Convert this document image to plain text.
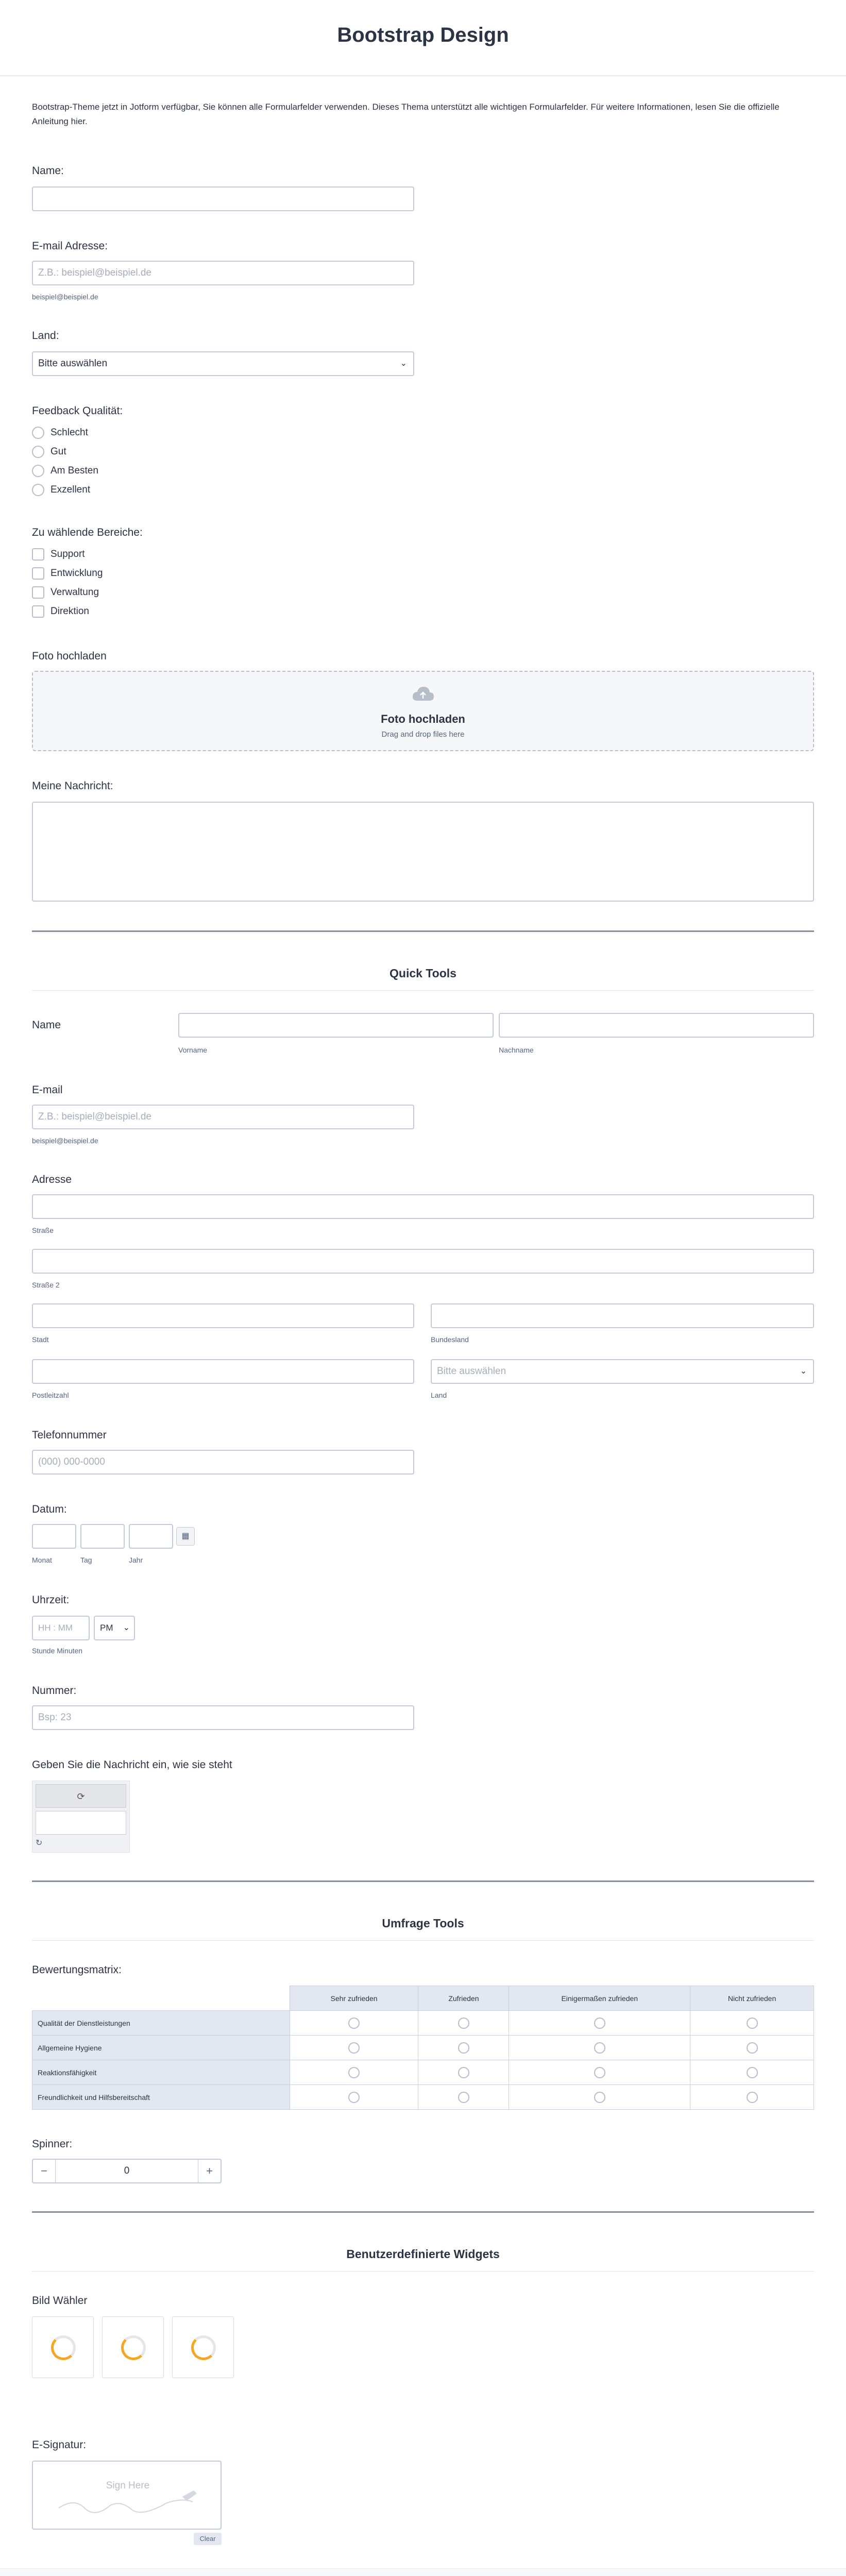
Bootstrap Design
Bootstrap-Theme jetzt in Jotform verfügbar, Sie können alle Formularfelder verwenden. Dieses Thema unterstützt alle wichtigen Formularfelder. Für weitere Informationen, lesen Sie die offizielle Anleitung hier.
Name:
E-mail Adresse:
Z.B.: beispiel@beispiel.de
beispiel@beispiel.de
Land:
Bitte auswählen	⌄
Feedback Qualität:
Schlecht
Gut
Am Besten
Exzellent
Zu wählende Bereiche:
Support
Entwicklung
Verwaltung
Direktion
Foto hochladen
Foto hochladen
Drag and drop files here
Meine Nachricht:
Quick Tools
Name
Vorname	Nachname
E-mail
Z.B.: beispiel@beispiel.de
beispiel@beispiel.de
Adresse
Straße
Straße 2
Stadt	Bundesland
Bitte auswählen	⌄
Postleitzahl	Land
Telefonnummer
(000) 000-0000
Datum:
▦
Monat	Tag	Jahr
Uhrzeit:
HH : MM	PM ⌄
Stunde Minuten
Nummer:
Bsp: 23
Geben Sie die Nachricht ein, wie sie steht
⟳
↻
Umfrage Tools
Bewertungsmatrix:
	Sehr zufrieden	Zufrieden	Einigermaßen zufrieden	Nicht zufrieden
Qualität der Dienstleistungen				
Allgemeine Hygiene				
Reaktionsfähigkeit				
Freundlichkeit und Hilfsbereitschaft				
Spinner:
−	0	+
Benutzerdefinierte Widgets
Bild Wähler
E-Signatur:
Sign Here
Clear
